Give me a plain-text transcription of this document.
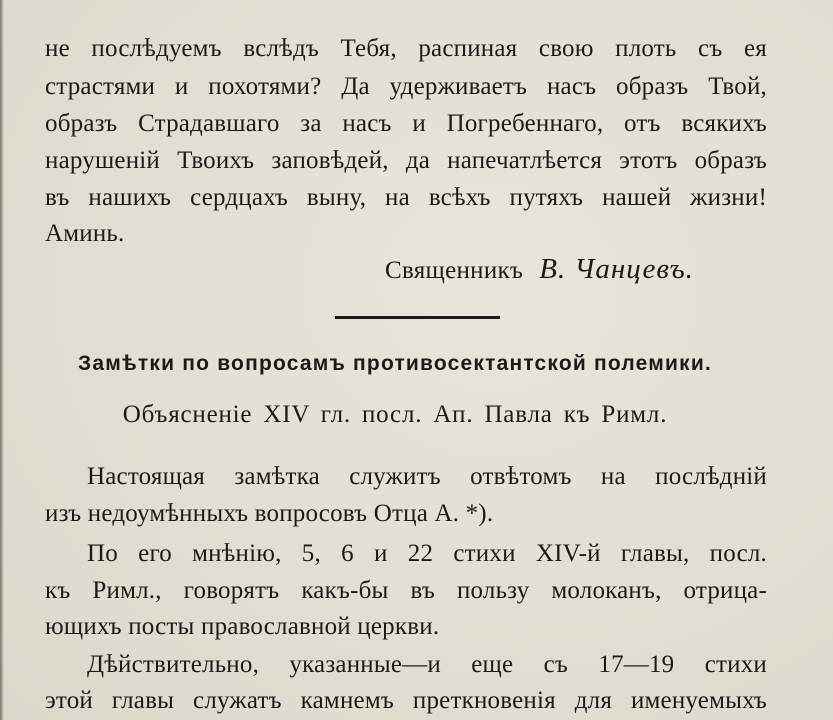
не послѣдуемъ вслѣдъ Тебя, распиная свою плоть съ ея
страстями и похотями? Да удерживаетъ насъ образъ Твой,
образъ Страдавшаго за насъ и Погребеннаго, отъ всякихъ
нарушеній Твоихъ заповѣдей, да напечатлѣется этотъ образъ
въ нашихъ сердцахъ выну, на всѣхъ путяхъ нашей жизни!
Аминь.
Священникъ В. Чанцевъ.
Замѣтки по вопросамъ противосектантской полемики.
Объясненіе XIV гл. посл. Ап. Павла къ Римл.
Настоящая замѣтка служитъ отвѣтомъ на послѣдній
изъ недоумѣнныхъ вопросовъ Отца А. *).
По его мнѣнію, 5, 6 и 22 стихи XIV-й главы, посл.
къ Римл., говорятъ какъ-бы въ пользу молоканъ, отрица-
ющихъ посты православной церкви.
Дѣйствительно, указанные—и еще съ 17—19 стихи
этой главы служатъ камнемъ преткновенія для именуемыхъ
